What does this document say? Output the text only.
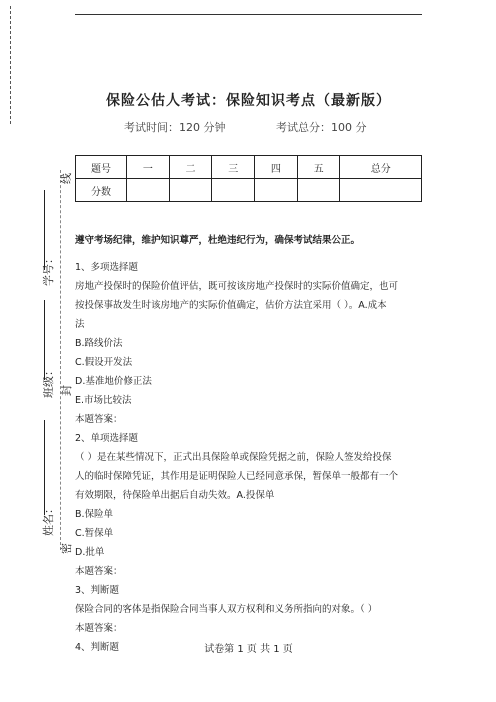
线
封
密
学号：
班级：
姓名：
保险公估人考试：保险知识考点（最新版）
考试时间：120 分钟	考试总分：100 分
题号	一	二	三	四	五	总分
分数						

遵守考场纪律，维护知识尊严，杜绝违纪行为，确保考试结果公正。

1、多项选择题

房地产投保时的保险价值评估，既可按该房地产投保时的实际价值确定，也可

按投保事故发生时该房地产的实际价值确定，估价方法宜采用（ ）。A.成本

法

B.路线价法

C.假设开发法

D.基准地价修正法

E.市场比较法

本题答案：

2、单项选择题

（ ）是在某些情况下，正式出具保险单或保险凭据之前，保险人签发给投保

人的临时保障凭证，其作用是证明保险人已经同意承保，暂保单一般都有一个

有效期限，待保险单出据后自动失效。A.投保单

B.保险单

C.暂保单

D.批单

本题答案：

3、判断题

保险合同的客体是指保险合同当事人双方权利和义务所指向的对象。（ ）

本题答案：

4、判断题	试卷第 1 页 共 1 页
